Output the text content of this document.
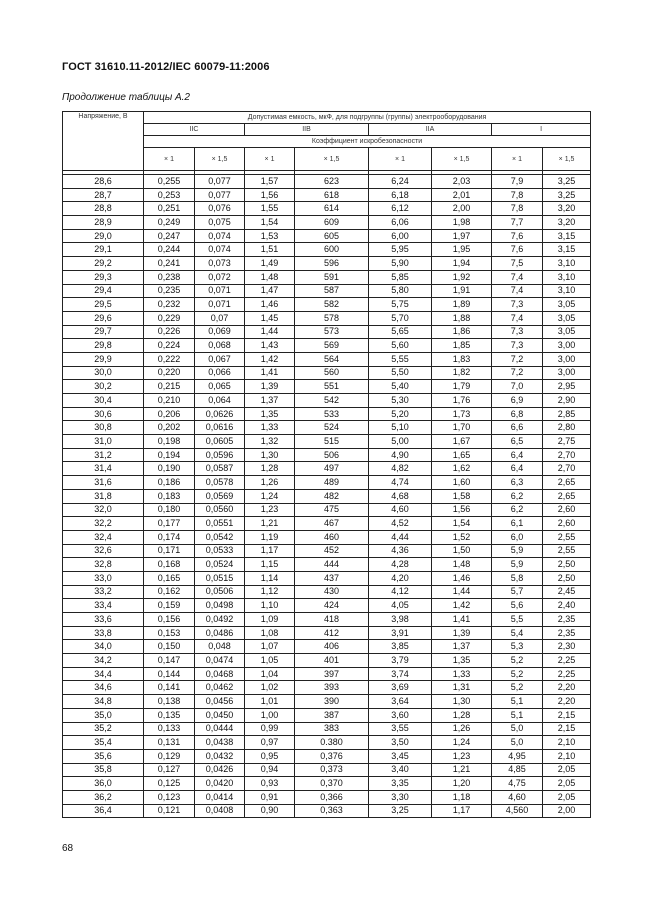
ГОСТ 31610.11-2012/IEC 60079-11:2006
Продолжение таблицы А.2
Напряжение, В	Допустимая емкость, мкФ, для подгруппы (группы) электрооборудования							
	IIC		IIB		IIA		I	
	Коэффициент искробезопасности							
	× 1	× 1,5	× 1	× 1,5	× 1	× 1,5	× 1	× 1,5

28,6	0,255	0,077	1,57	623	6,24	2,03	7,9	3,25
28,7	0,253	0,077	1,56	618	6,18	2,01	7,8	3,25
28,8	0,251	0,076	1,55	614	6,12	2,00	7,8	3,20
28,9	0,249	0,075	1,54	609	6,06	1,98	7,7	3,20
29,0	0,247	0,074	1,53	605	6,00	1,97	7,6	3,15
29,1	0,244	0,074	1,51	600	5,95	1,95	7,6	3,15
29,2	0,241	0,073	1,49	596	5,90	1,94	7,5	3,10
29,3	0,238	0,072	1,48	591	5,85	1,92	7,4	3,10
29,4	0,235	0,071	1,47	587	5,80	1,91	7,4	3,10
29,5	0,232	0,071	1,46	582	5,75	1,89	7,3	3,05
29,6	0,229	0,07	1,45	578	5,70	1,88	7,4	3,05
29,7	0,226	0,069	1,44	573	5,65	1,86	7,3	3,05
29,8	0,224	0,068	1,43	569	5,60	1,85	7,3	3,00
29,9	0,222	0,067	1,42	564	5,55	1,83	7,2	3,00
30,0	0,220	0,066	1,41	560	5,50	1,82	7,2	3,00
30,2	0,215	0,065	1,39	551	5,40	1,79	7,0	2,95
30,4	0,210	0,064	1,37	542	5,30	1,76	6,9	2,90
30,6	0,206	0,0626	1,35	533	5,20	1,73	6,8	2,85
30,8	0,202	0,0616	1,33	524	5,10	1,70	6,6	2,80
31,0	0,198	0,0605	1,32	515	5,00	1,67	6,5	2,75
31,2	0,194	0,0596	1,30	506	4,90	1,65	6,4	2,70
31,4	0,190	0,0587	1,28	497	4,82	1,62	6,4	2,70
31,6	0,186	0,0578	1,26	489	4,74	1,60	6,3	2,65
31,8	0,183	0,0569	1,24	482	4,68	1,58	6,2	2,65
32,0	0,180	0,0560	1,23	475	4,60	1,56	6,2	2,60
32,2	0,177	0,0551	1,21	467	4,52	1,54	6,1	2,60
32,4	0,174	0,0542	1,19	460	4,44	1,52	6,0	2,55
32,6	0,171	0,0533	1,17	452	4,36	1,50	5,9	2,55
32,8	0,168	0,0524	1,15	444	4,28	1,48	5,9	2,50
33,0	0,165	0,0515	1,14	437	4,20	1,46	5,8	2,50
33,2	0,162	0,0506	1,12	430	4,12	1,44	5,7	2,45
33,4	0,159	0,0498	1,10	424	4,05	1,42	5,6	2,40
33,6	0,156	0,0492	1,09	418	3,98	1,41	5,5	2,35
33,8	0,153	0,0486	1,08	412	3,91	1,39	5,4	2,35
34,0	0,150	0,048	1,07	406	3,85	1,37	5,3	2,30
34,2	0,147	0,0474	1,05	401	3,79	1,35	5,2	2,25
34,4	0,144	0,0468	1,04	397	3,74	1,33	5,2	2,25
34,6	0,141	0,0462	1,02	393	3,69	1,31	5,2	2,20
34,8	0,138	0,0456	1,01	390	3,64	1,30	5,1	2,20
35,0	0,135	0,0450	1,00	387	3,60	1,28	5,1	2,15
35,2	0,133	0,0444	0,99	383	3,55	1,26	5,0	2,15
35,4	0,131	0,0438	0,97	0.380	3,50	1,24	5,0	2,10
35,6	0,129	0,0432	0,95	0,376	3,45	1,23	4,95	2,10
35,8	0,127	0,0426	0,94	0,373	3,40	1,21	4,85	2,05
36,0	0,125	0,0420	0,93	0,370	3,35	1,20	4,75	2,05
36,2	0,123	0,0414	0,91	0,366	3,30	1,18	4,60	2,05
36,4	0,121	0,0408	0,90	0,363	3,25	1,17	4,560	2,00
68
